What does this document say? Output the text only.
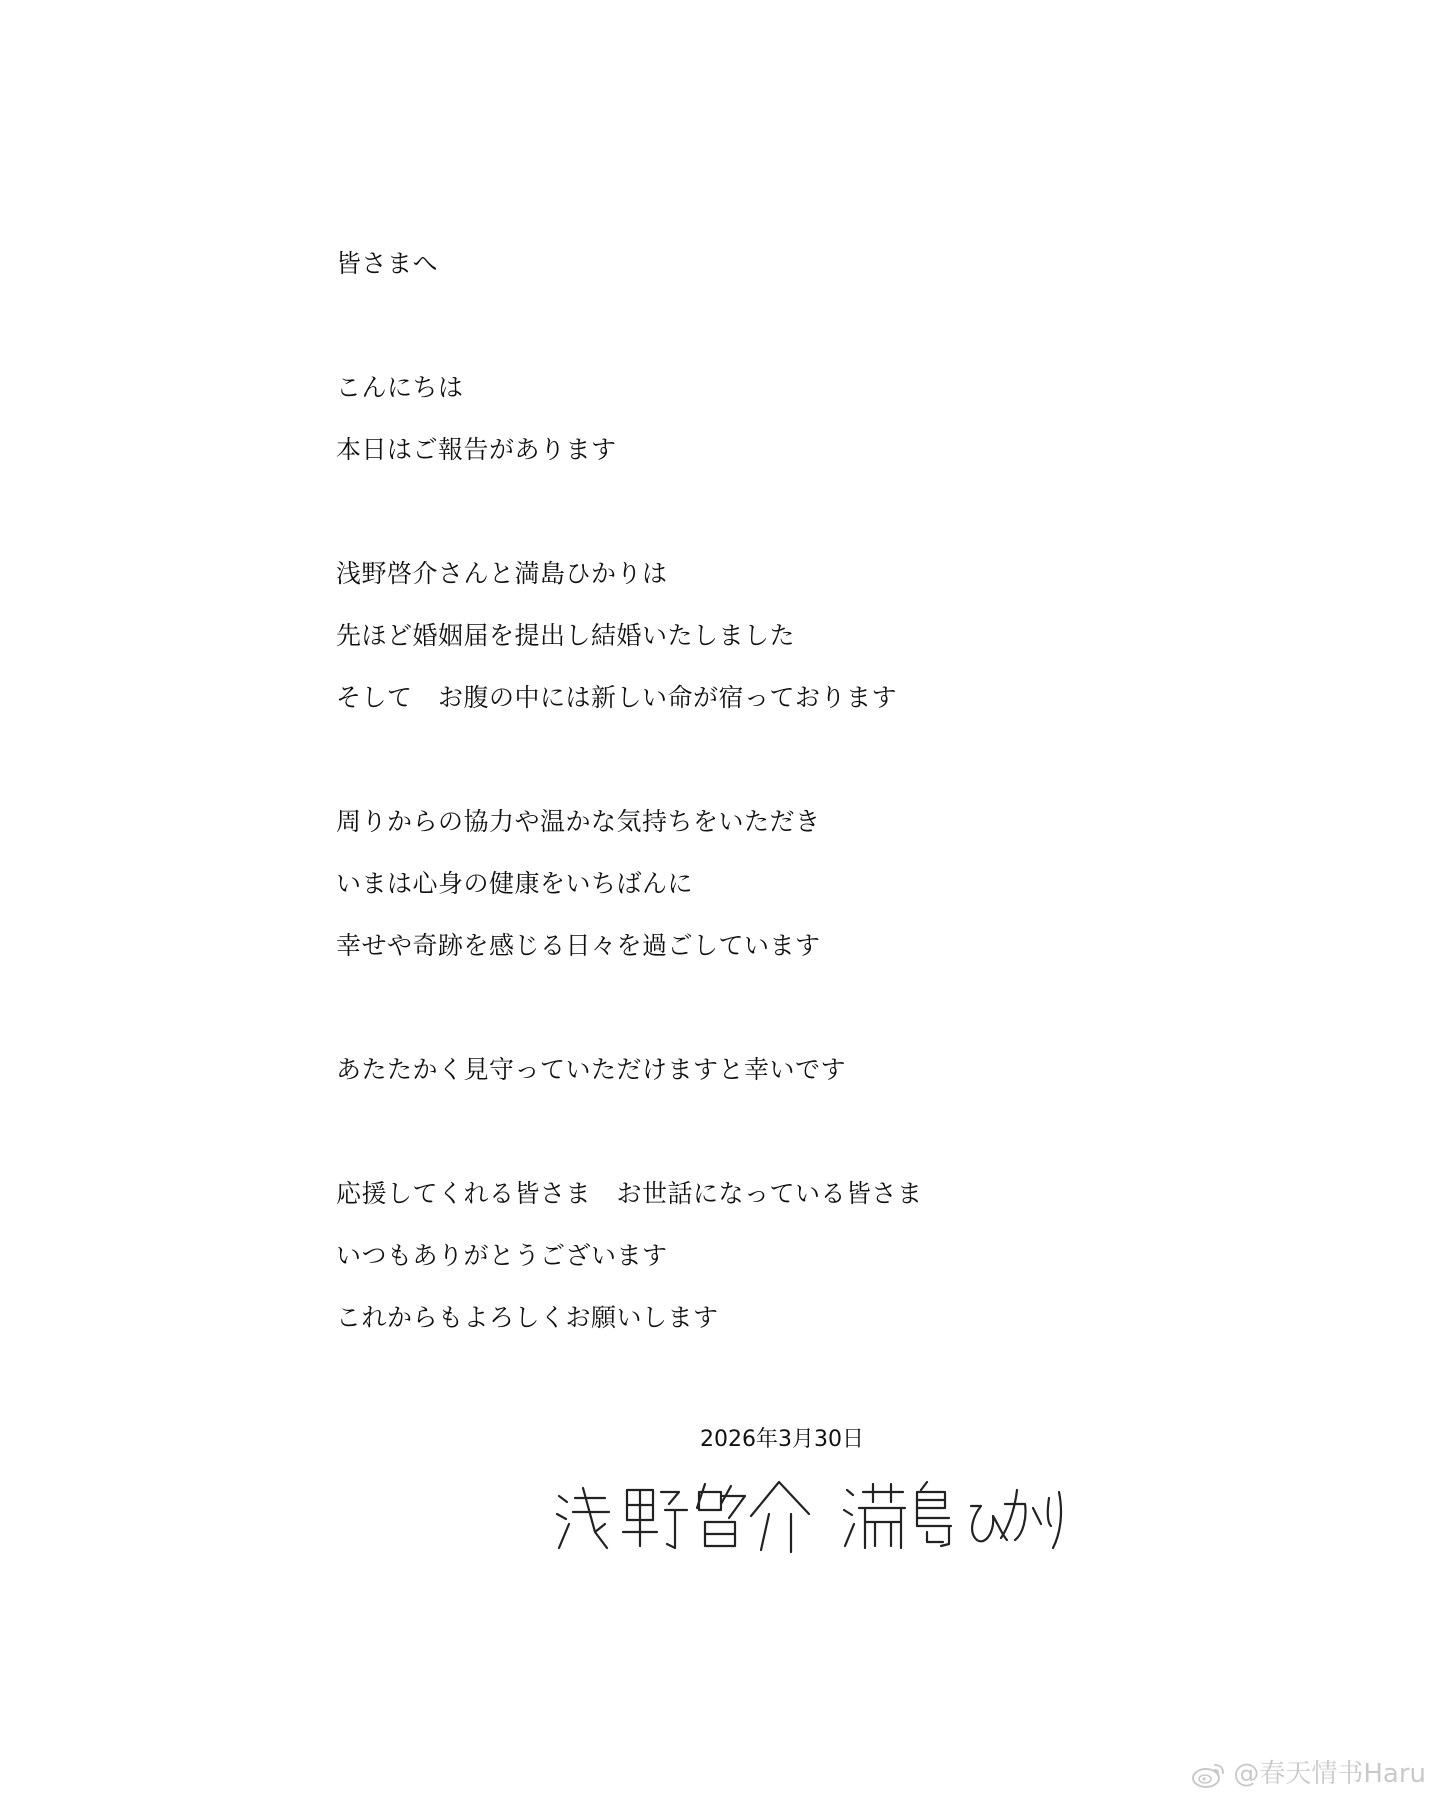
皆さまへ
こんにちは
本日はご報告があります
浅野啓介さんと満島ひかりは
先ほど婚姻届を提出し結婚いたしました
そして　お腹の中には新しい命が宿っております
周りからの協力や温かな気持ちをいただき
いまは心身の健康をいちばんに
幸せや奇跡を感じる日々を過ごしています
あたたかく見守っていただけますと幸いです
応援してくれる皆さま　お世話になっている皆さま
いつもありがとうございます
これからもよろしくお願いします
2026年3月30日
@春天情书Haru
